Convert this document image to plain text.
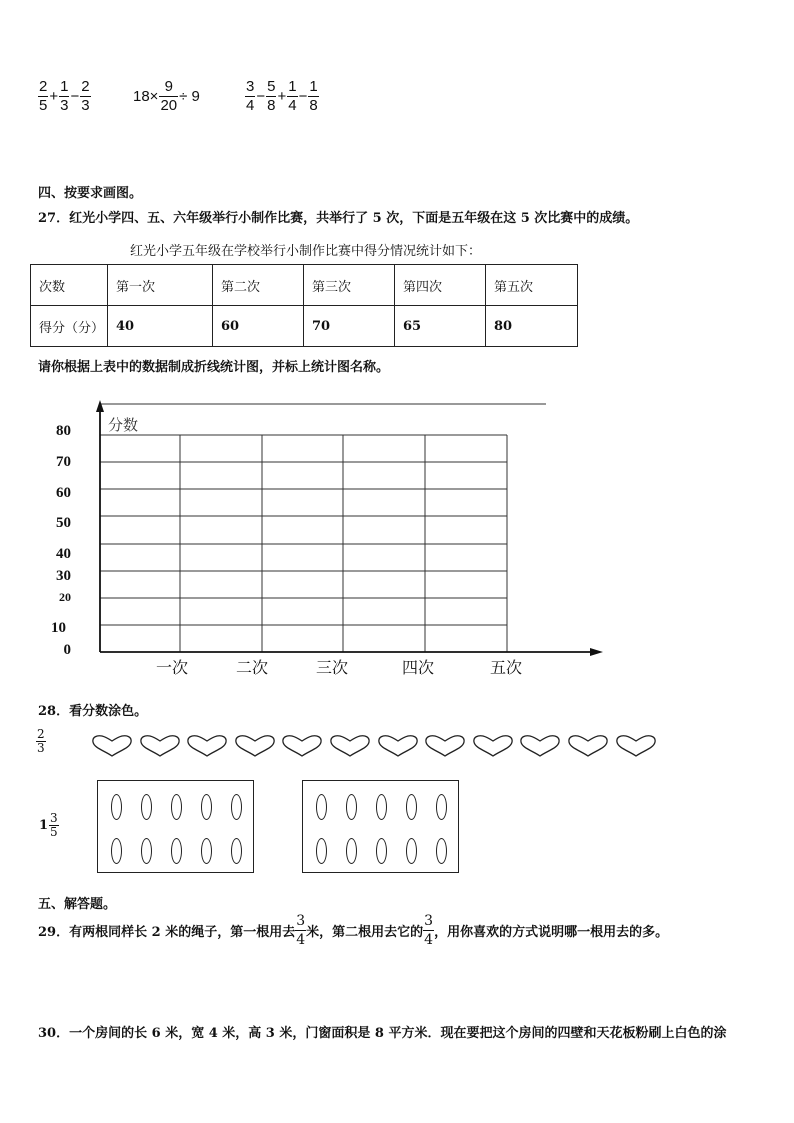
$\frac{2}{5} + \frac{1}{3} - \frac{2}{3}$	$18\times \frac{9}{20} \div 9$	$\frac{3}{4} - \frac{5}{8} + \frac{1}{4} - \frac{1}{8}$
四、按要求画图。
27．红光小学四、五、六年级举行小制作比赛，共举行了 5 次，下面是五年级在这 5 次比赛中的成绩。
红光小学五年级在学校举行小制作比赛中得分情况统计如下：
次数	第一次	第二次	第三次	第四次	第五次
得分（分）	40	60	70	65	80
请你根据上表中的数据制成折线统计图，并标上统计图名称。
分数
80
70
60
50
40
30
20
10
0
一次	二次	三次	四次	五次
28．看分数涂色。
$\frac{2}{3}$
$1 \frac{3}{5}$
五、解答题。
29．有两根同样长 2 米的绳子，第一根用去 $\frac{3}{4}$ 米，第二根用去它的 $\frac{3}{4}$ ，用你喜欢的方式说明哪一根用去的多。
30．一个房间的长 6 米，宽 4 米，高 3 米，门窗面积是 8 平方米．现在要把这个房间的四壁和天花板粉刷上白色的涂
